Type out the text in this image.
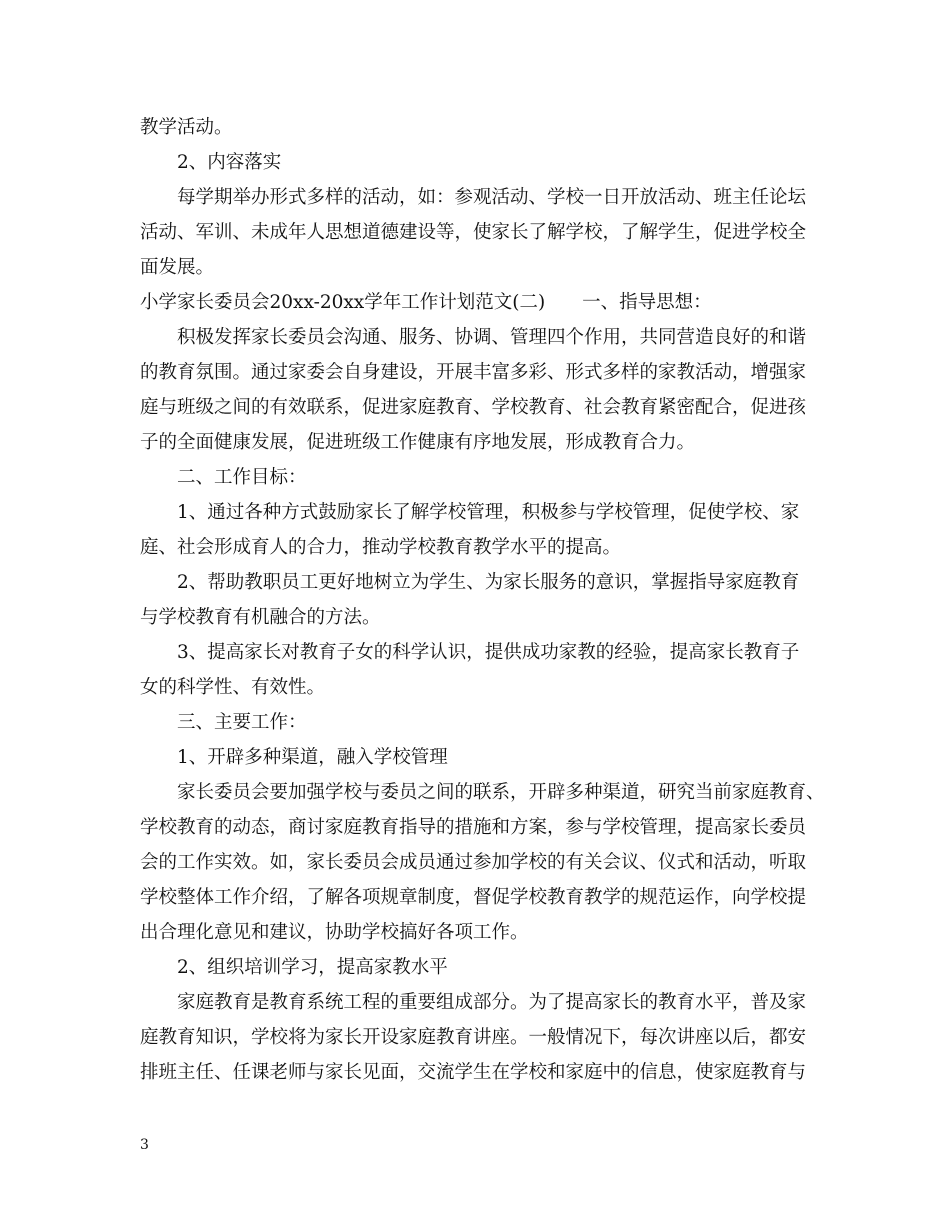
教学活动。
　　2、内容落实
　　每学期举办形式多样的活动，如：参观活动、学校一日开放活动、班主任论坛
活动、军训、未成年人思想道德建设等，使家长了解学校，了解学生，促进学校全
面发展。
小学家长委员会20xx-20xx学年工作计划范文(二)　　一、指导思想：
　　积极发挥家长委员会沟通、服务、协调、管理四个作用，共同营造良好的和谐
的教育氛围。通过家委会自身建设，开展丰富多彩、形式多样的家教活动，增强家
庭与班级之间的有效联系，促进家庭教育、学校教育、社会教育紧密配合，促进孩
子的全面健康发展，促进班级工作健康有序地发展，形成教育合力。
　　二、工作目标：
　　1、通过各种方式鼓励家长了解学校管理，积极参与学校管理，促使学校、家
庭、社会形成育人的合力，推动学校教育教学水平的提高。
　　2、帮助教职员工更好地树立为学生、为家长服务的意识，掌握指导家庭教育
与学校教育有机融合的方法。
　　3、提高家长对教育子女的科学认识，提供成功家教的经验，提高家长教育子
女的科学性、有效性。
　　三、主要工作：
　　1、开辟多种渠道，融入学校管理
　　家长委员会要加强学校与委员之间的联系，开辟多种渠道，研究当前家庭教育、
学校教育的动态，商讨家庭教育指导的措施和方案，参与学校管理，提高家长委员
会的工作实效。如，家长委员会成员通过参加学校的有关会议、仪式和活动，听取
学校整体工作介绍，了解各项规章制度，督促学校教育教学的规范运作，向学校提
出合理化意见和建议，协助学校搞好各项工作。
　　2、组织培训学习，提高家教水平
　　家庭教育是教育系统工程的重要组成部分。为了提高家长的教育水平，普及家
庭教育知识，学校将为家长开设家庭教育讲座。一般情况下，每次讲座以后，都安
排班主任、任课老师与家长见面，交流学生在学校和家庭中的信息，使家庭教育与
3
